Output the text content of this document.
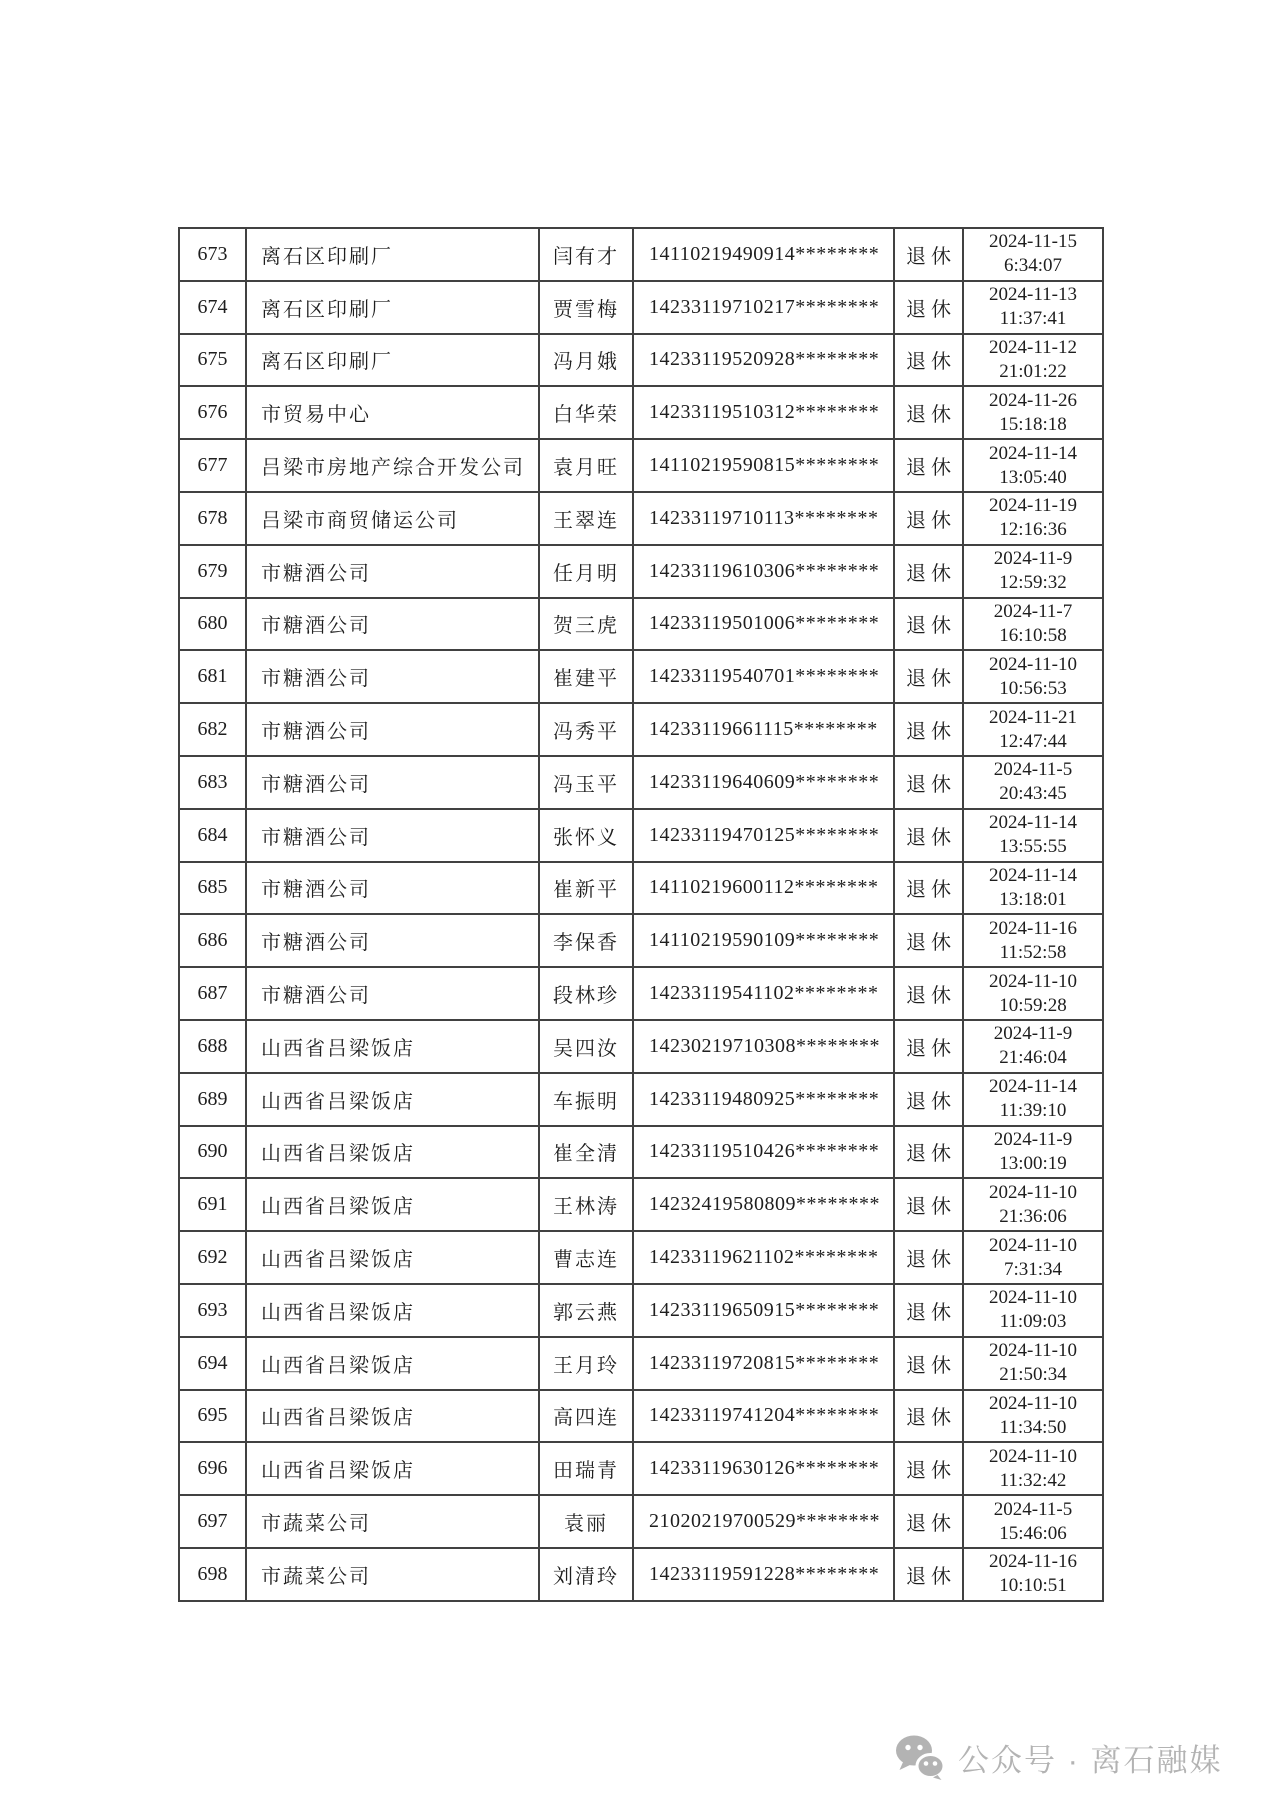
673	离石区印刷厂	闫有才	14110219490914********	退休	2024-11-15
6:34:07

674	离石区印刷厂	贾雪梅	14233119710217********	退休	2024-11-13
11:37:41

675	离石区印刷厂	冯月娥	14233119520928********	退休	2024-11-12
21:01:22

676	市贸易中心	白华荣	14233119510312********	退休	2024-11-26
15:18:18

677	吕梁市房地产综合开发公司	袁月旺	14110219590815********	退休	2024-11-14
13:05:40

678	吕梁市商贸储运公司	王翠连	14233119710113********	退休	2024-11-19
12:16:36

679	市糖酒公司	任月明	14233119610306********	退休	2024-11-9
12:59:32

680	市糖酒公司	贺三虎	14233119501006********	退休	2024-11-7
16:10:58

681	市糖酒公司	崔建平	14233119540701********	退休	2024-11-10
10:56:53

682	市糖酒公司	冯秀平	14233119661115********	退休	2024-11-21
12:47:44

683	市糖酒公司	冯玉平	14233119640609********	退休	2024-11-5
20:43:45

684	市糖酒公司	张怀义	14233119470125********	退休	2024-11-14
13:55:55

685	市糖酒公司	崔新平	14110219600112********	退休	2024-11-14
13:18:01

686	市糖酒公司	李保香	14110219590109********	退休	2024-11-16
11:52:58

687	市糖酒公司	段林珍	14233119541102********	退休	2024-11-10
10:59:28

688	山西省吕梁饭店	吴四汝	14230219710308********	退休	2024-11-9
21:46:04

689	山西省吕梁饭店	车振明	14233119480925********	退休	2024-11-14
11:39:10

690	山西省吕梁饭店	崔全清	14233119510426********	退休	2024-11-9
13:00:19

691	山西省吕梁饭店	王林涛	14232419580809********	退休	2024-11-10
21:36:06

692	山西省吕梁饭店	曹志连	14233119621102********	退休	2024-11-10
7:31:34

693	山西省吕梁饭店	郭云燕	14233119650915********	退休	2024-11-10
11:09:03

694	山西省吕梁饭店	王月玲	14233119720815********	退休	2024-11-10
21:50:34

695	山西省吕梁饭店	高四连	14233119741204********	退休	2024-11-10
11:34:50

696	山西省吕梁饭店	田瑞青	14233119630126********	退休	2024-11-10
11:32:42

697	市蔬菜公司	袁丽	21020219700529********	退休	2024-11-5
15:46:06

698	市蔬菜公司	刘清玲	14233119591228********	退休	2024-11-16
10:10:51
公众号 · 离石融媒
